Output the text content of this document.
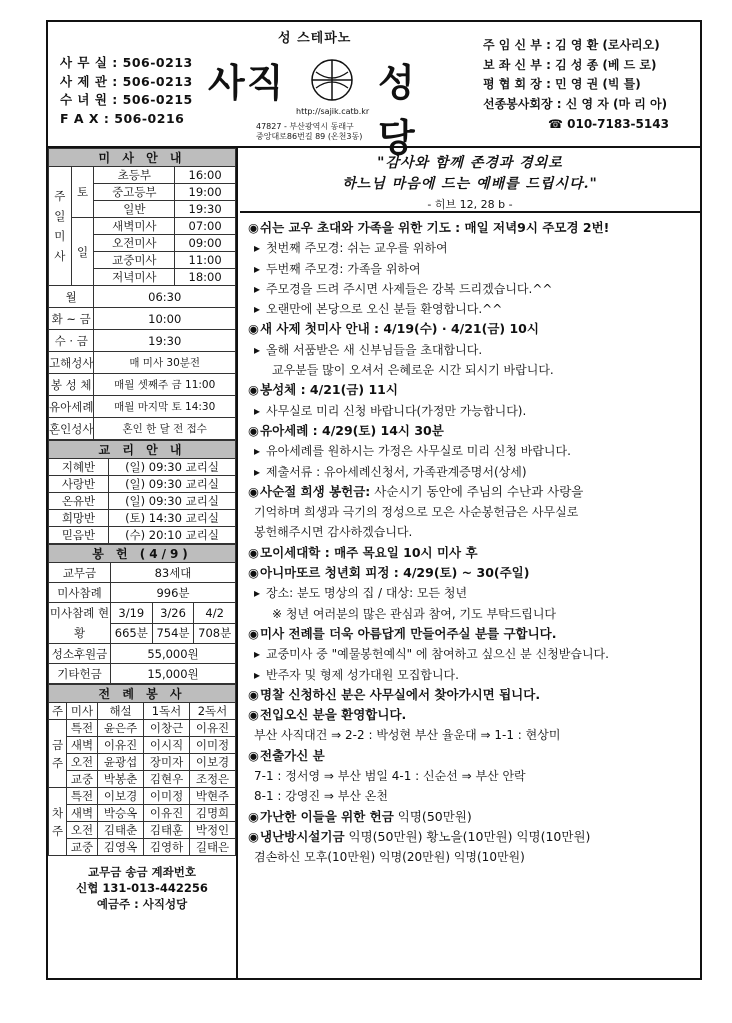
사 무 실 : 506-0213
사 제 관 : 506-0213
수 녀 원 : 506-0215
F A X : 506-0216
성 스테파노
사직 성당
http://sajik.catb.kr
47827 - 부산광역시 동래구
중앙대로86번길 89 (온천3동)
주 임 신 부 : 김 영 환 (로사리오)
보 좌 신 부 : 김 성 종 (베 드 로)
평 협 회 장 : 민 영 권 (빅 틀)
선종봉사회장 : 신 영 자 (마 리 아)
☎ 010-7183-5143
미 사 안 내			
주
일
미
사	토	초등부	16:00
		중고등부	19:00
		일반	19:30
	일	새벽미사	07:00
		오전미사	09:00
		교중미사	11:00
		저녁미사	18:00
월		06:30	
화 ~ 금		10:00	
수 · 금		19:30	
고해성사		매 미사 30분전	
봉 성 체		매월 셋째주 금 11:00	
유아세례		매월 마지막 토 14:30	
혼인성사		혼인 한 달 전 접수	
교 리 안 내	
지혜반	(일) 09:30 교리실
사랑반	(일) 09:30 교리실
온유반	(일) 09:30 교리실
희망반	(토) 14:30 교리실
믿음반	(수) 20:10 교리실
봉 헌 (4/9)			
교무금	83세대		
미사참례	996분		
미사참례 현황	3/19	3/26	4/2
	665분	754분	708분
성소후원금	55,000원		
기타헌금	15,000원		
전 례 봉 사				
주	미사	해설	1독서	2독서
금주	특전	윤은주	이창근	이유진
	새벽	이유진	이시직	이미정
	오전	윤광섭	장미자	이보경
	교중	박봉춘	김현우	조정은
차주	특전	이보경	이미정	박현주
	새벽	박승옥	이유진	김명희
	오전	김태춘	김태훈	박정인
	교중	김영옥	김영하	길태은
교무금 송금 계좌번호
신협 131-013-442256
예금주 : 사직성당
"감사와 함께 존경과 경외로
하느님 마음에 드는 예배를 드립시다."
- 히브 12, 28 b -
◉쉬는 교우 초대와 가족을 위한 기도 : 매일 저녁9시 주모경 2번!
▸ 첫번째 주모경: 쉬는 교우를 위하여
▸ 두번째 주모경: 가족을 위하여
▸ 주모경을 드려 주시면 사제들은 강복 드리겠습니다.^^
▸ 오랜만에 본당으로 오신 분들 환영합니다.^^
◉새 사제 첫미사 안내 : 4/19(수) · 4/21(금) 10시
▸ 올해 서품받은 새 신부님들을 초대합니다.
교우분들 많이 오셔서 은혜로운 시간 되시기 바랍니다.
◉봉성체 : 4/21(금) 11시
▸ 사무실로 미리 신청 바랍니다(가정만 가능합니다).
◉유아세례 : 4/29(토) 14시 30분
▸ 유아세례를 원하시는 가정은 사무실로 미리 신청 바랍니다.
▸ 제출서류 : 유아세례신청서, 가족관계증명서(상세)
◉사순절 희생 봉헌금: 사순시기 동안에 주님의 수난과 사랑을
기억하며 희생과 극기의 정성으로 모은 사순봉헌금은 사무실로
봉헌해주시면 감사하겠습니다.
◉모이세대학 : 매주 목요일 10시 미사 후
◉아니마또르 청년회 피정 : 4/29(토) ~ 30(주일)
▸ 장소: 분도 명상의 집 / 대상: 모든 청년
※ 청년 여러분의 많은 관심과 참여, 기도 부탁드립니다
◉미사 전례를 더욱 아름답게 만들어주실 분를 구합니다.
▸ 교중미사 중 "예물봉헌예식" 에 참여하고 싶으신 분 신청받습니다.
▸ 반주자 및 형제 성가대원 모집합니다.
◉명찰 신청하신 분은 사무실에서 찾아가시면 됩니다.
◉전입오신 분을 환영합니다.
부산 사직대건 ⇒ 2-2 : 박성현 부산 율운대 ⇒ 1-1 : 현상미
◉전출가신 분
7-1 : 정서영 ⇒ 부산 범일 4-1 : 신순선 ⇒ 부산 안락
8-1 : 강영진 ⇒ 부산 온천
◉가난한 이들을 위한 헌금 익명(50만원)
◉냉난방시설기금 익명(50만원) 황노을(10만원) 익명(10만원)
겸손하신 모후(10만원) 익명(20만원) 익명(10만원)
